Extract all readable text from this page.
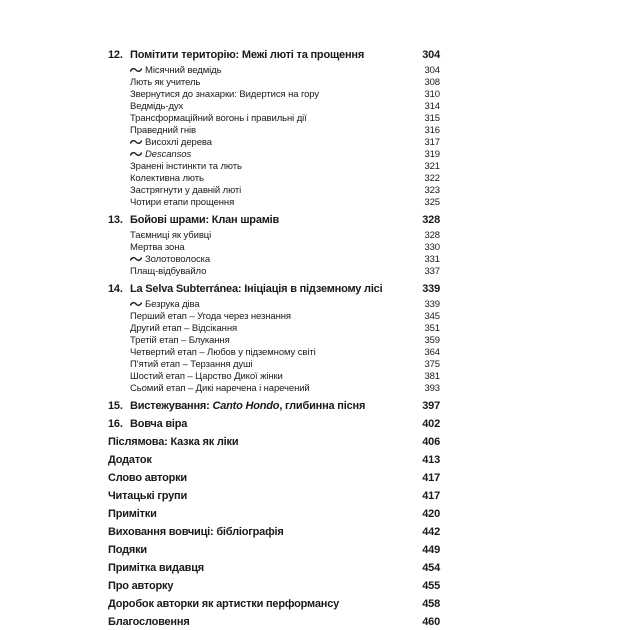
12. Помітити територію: Межі люті та прощення	304
Місячний ведмідь	304
Лють як учитель	308
Звернутися до знахарки: Видертися на гору	310
Ведмідь-дух	314
Трансформаційний вогонь і правильні дії	315
Праведний гнів	316
Висохлі дерева	317
Descansos	319
Зранені інстинкти та лють	321
Колективна лють	322
Застрягнути у давній люті	323
Чотири етапи прощення	325
13. Бойові шрами: Клан шрамів	328
Таємниці як убивці	328
Мертва зона	330
Золотоволоска	331
Плащ-відбувайло	337
14. La Selva Subterránea: Ініціація в підземному лісі	339
Безрука діва	339
Перший етап – Угода через незнання	345
Другий етап – Відсікання	351
Третій етап – Блукання	359
Четвертий етап – Любов у підземному світі	364
П'ятий етап – Терзання душі	375
Шостий етап – Царство Дикої жінки	381
Сьомий етап – Дикі наречена і наречений	393
15. Вистежування: Canto Hondo, глибинна пісня	397
16. Вовча віра	402
Післямова: Казка як ліки	406
Додаток	413
Слово авторки	417
Читацькі групи	417
Примітки	420
Виховання вовчиці: бібліографія	442
Подяки	449
Примітка видавця	454
Про авторку	455
Доробок авторки як артистки перформансу	458
Благословення	460
